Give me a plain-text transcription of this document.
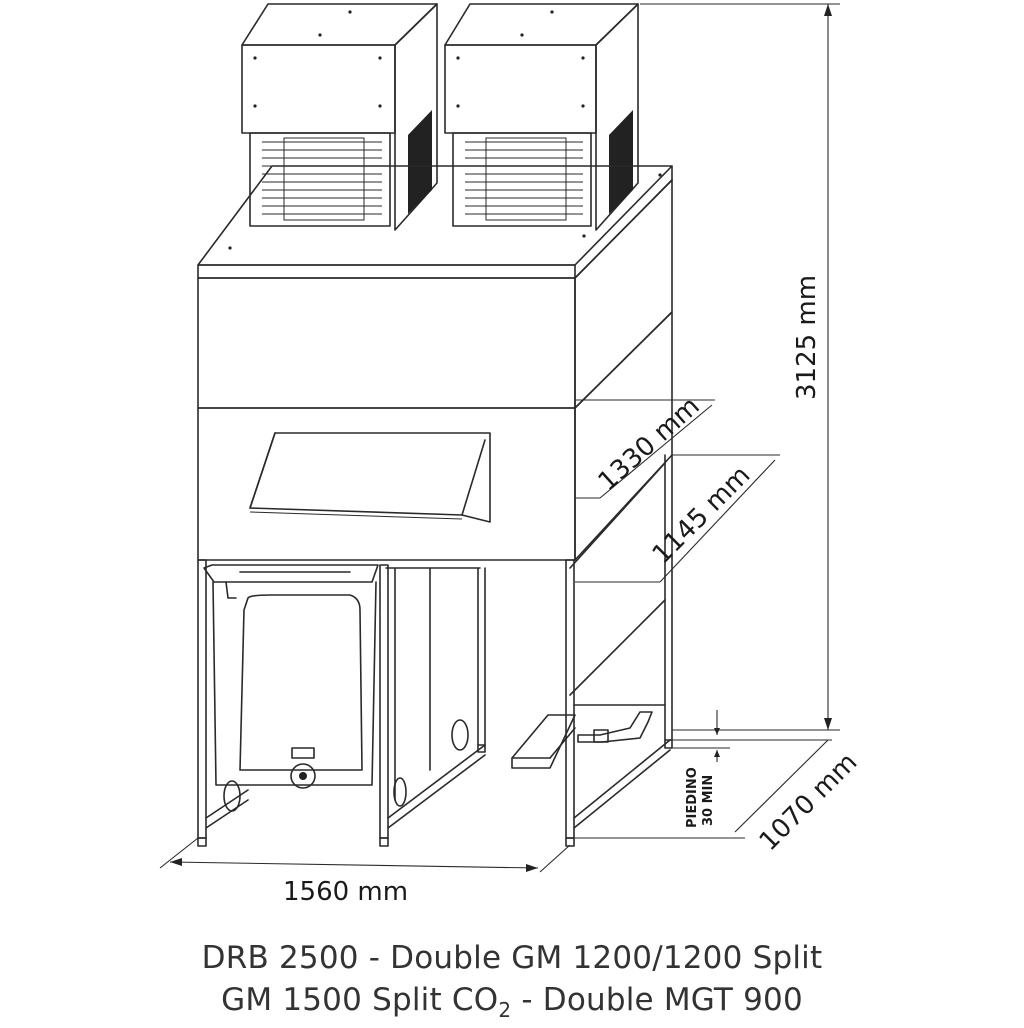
3125 mm
1330 mm
1145 mm
1560 mm
1070 mm
PIEDINO 30 MIN
DRB 2500 - Double GM 1200/1200 Split
GM 1500 Split $CO_2$ - Double MGT 900
